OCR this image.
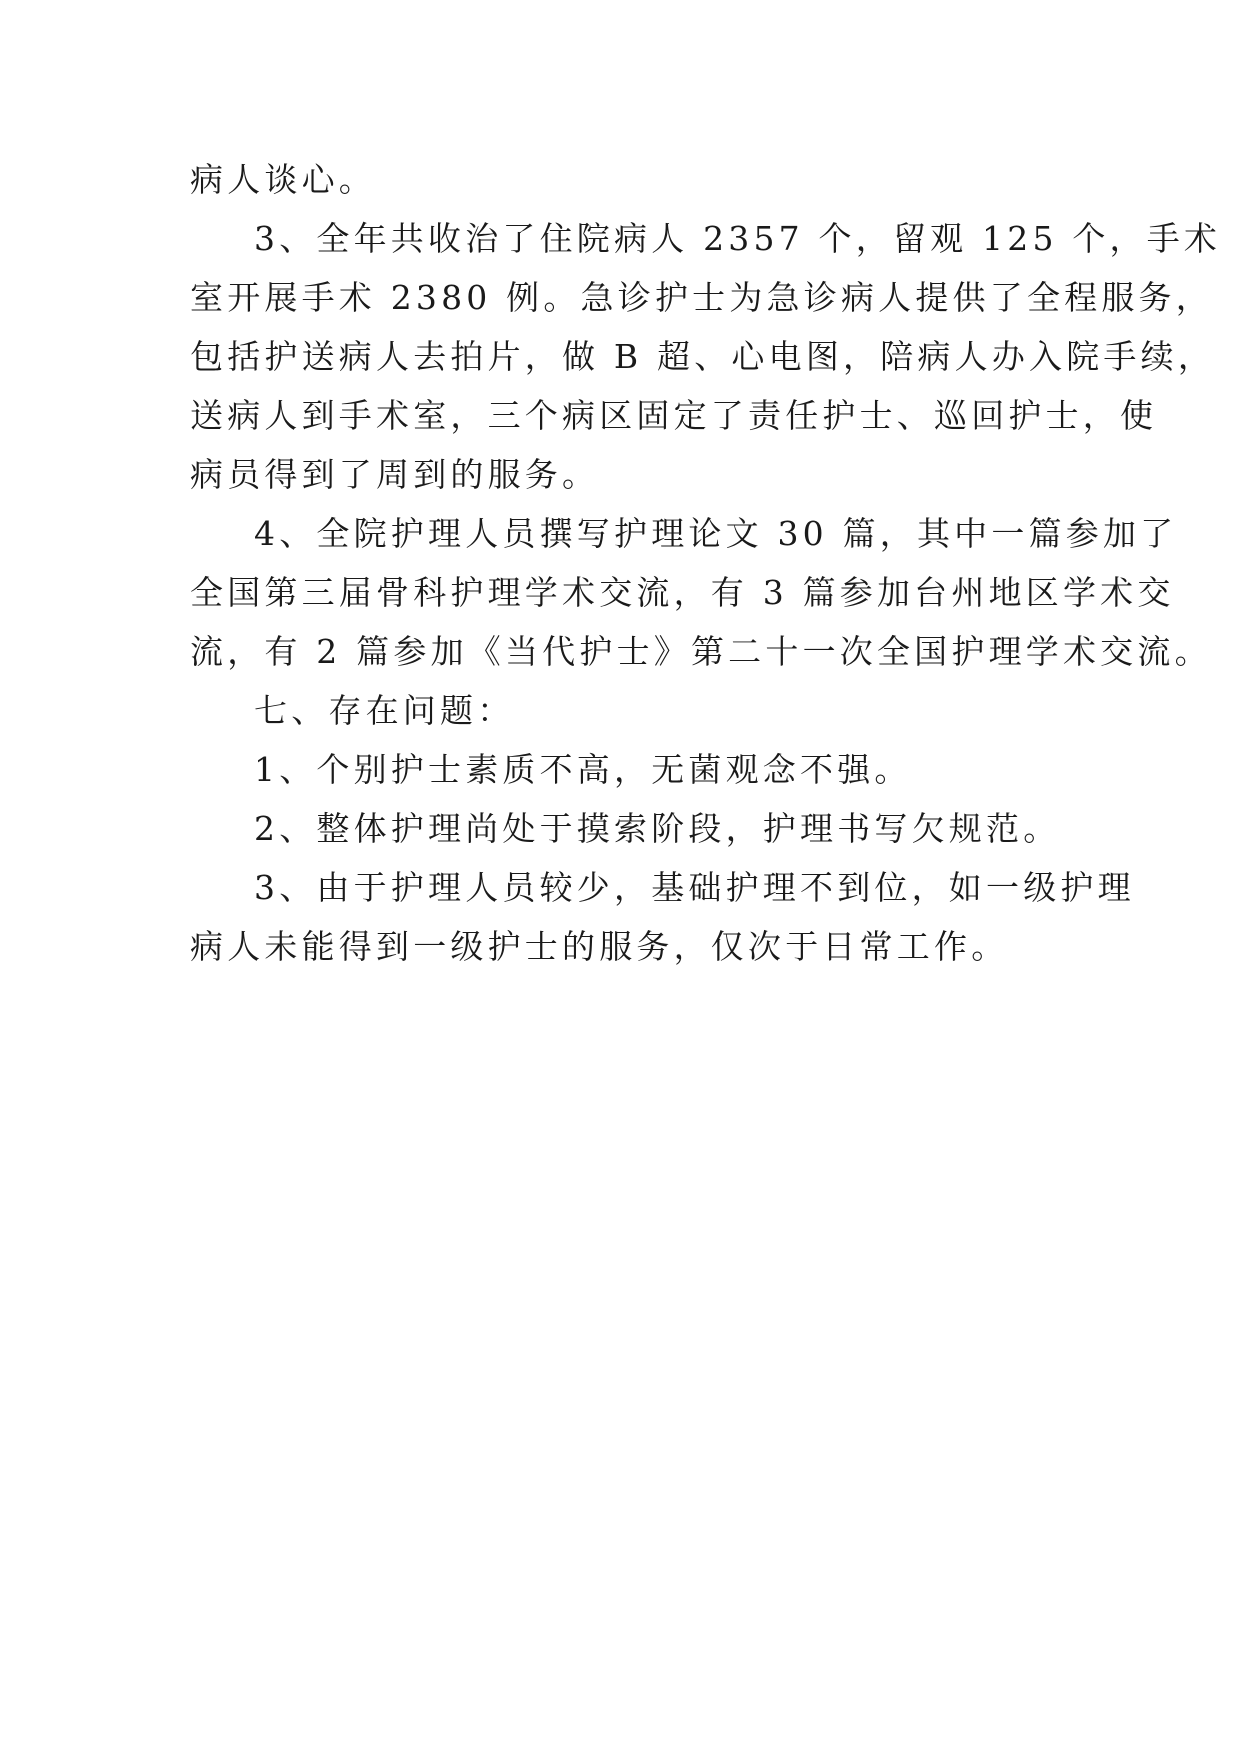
病人谈心。
3、全年共收治了住院病人 2357 个，留观 125 个，手术
室开展手术 2380 例。急诊护士为急诊病人提供了全程服务，
包括护送病人去拍片，做 B 超、心电图，陪病人办入院手续，
送病人到手术室，三个病区固定了责任护士、巡回护士，使
病员得到了周到的服务。
4、全院护理人员撰写护理论文 30 篇，其中一篇参加了
全国第三届骨科护理学术交流，有 3 篇参加台州地区学术交
流，有 2 篇参加《当代护士》第二十一次全国护理学术交流。
七、存在问题：
1、个别护士素质不高，无菌观念不强。
2、整体护理尚处于摸索阶段，护理书写欠规范。
3、由于护理人员较少，基础护理不到位，如一级护理
病人未能得到一级护士的服务，仅次于日常工作。
